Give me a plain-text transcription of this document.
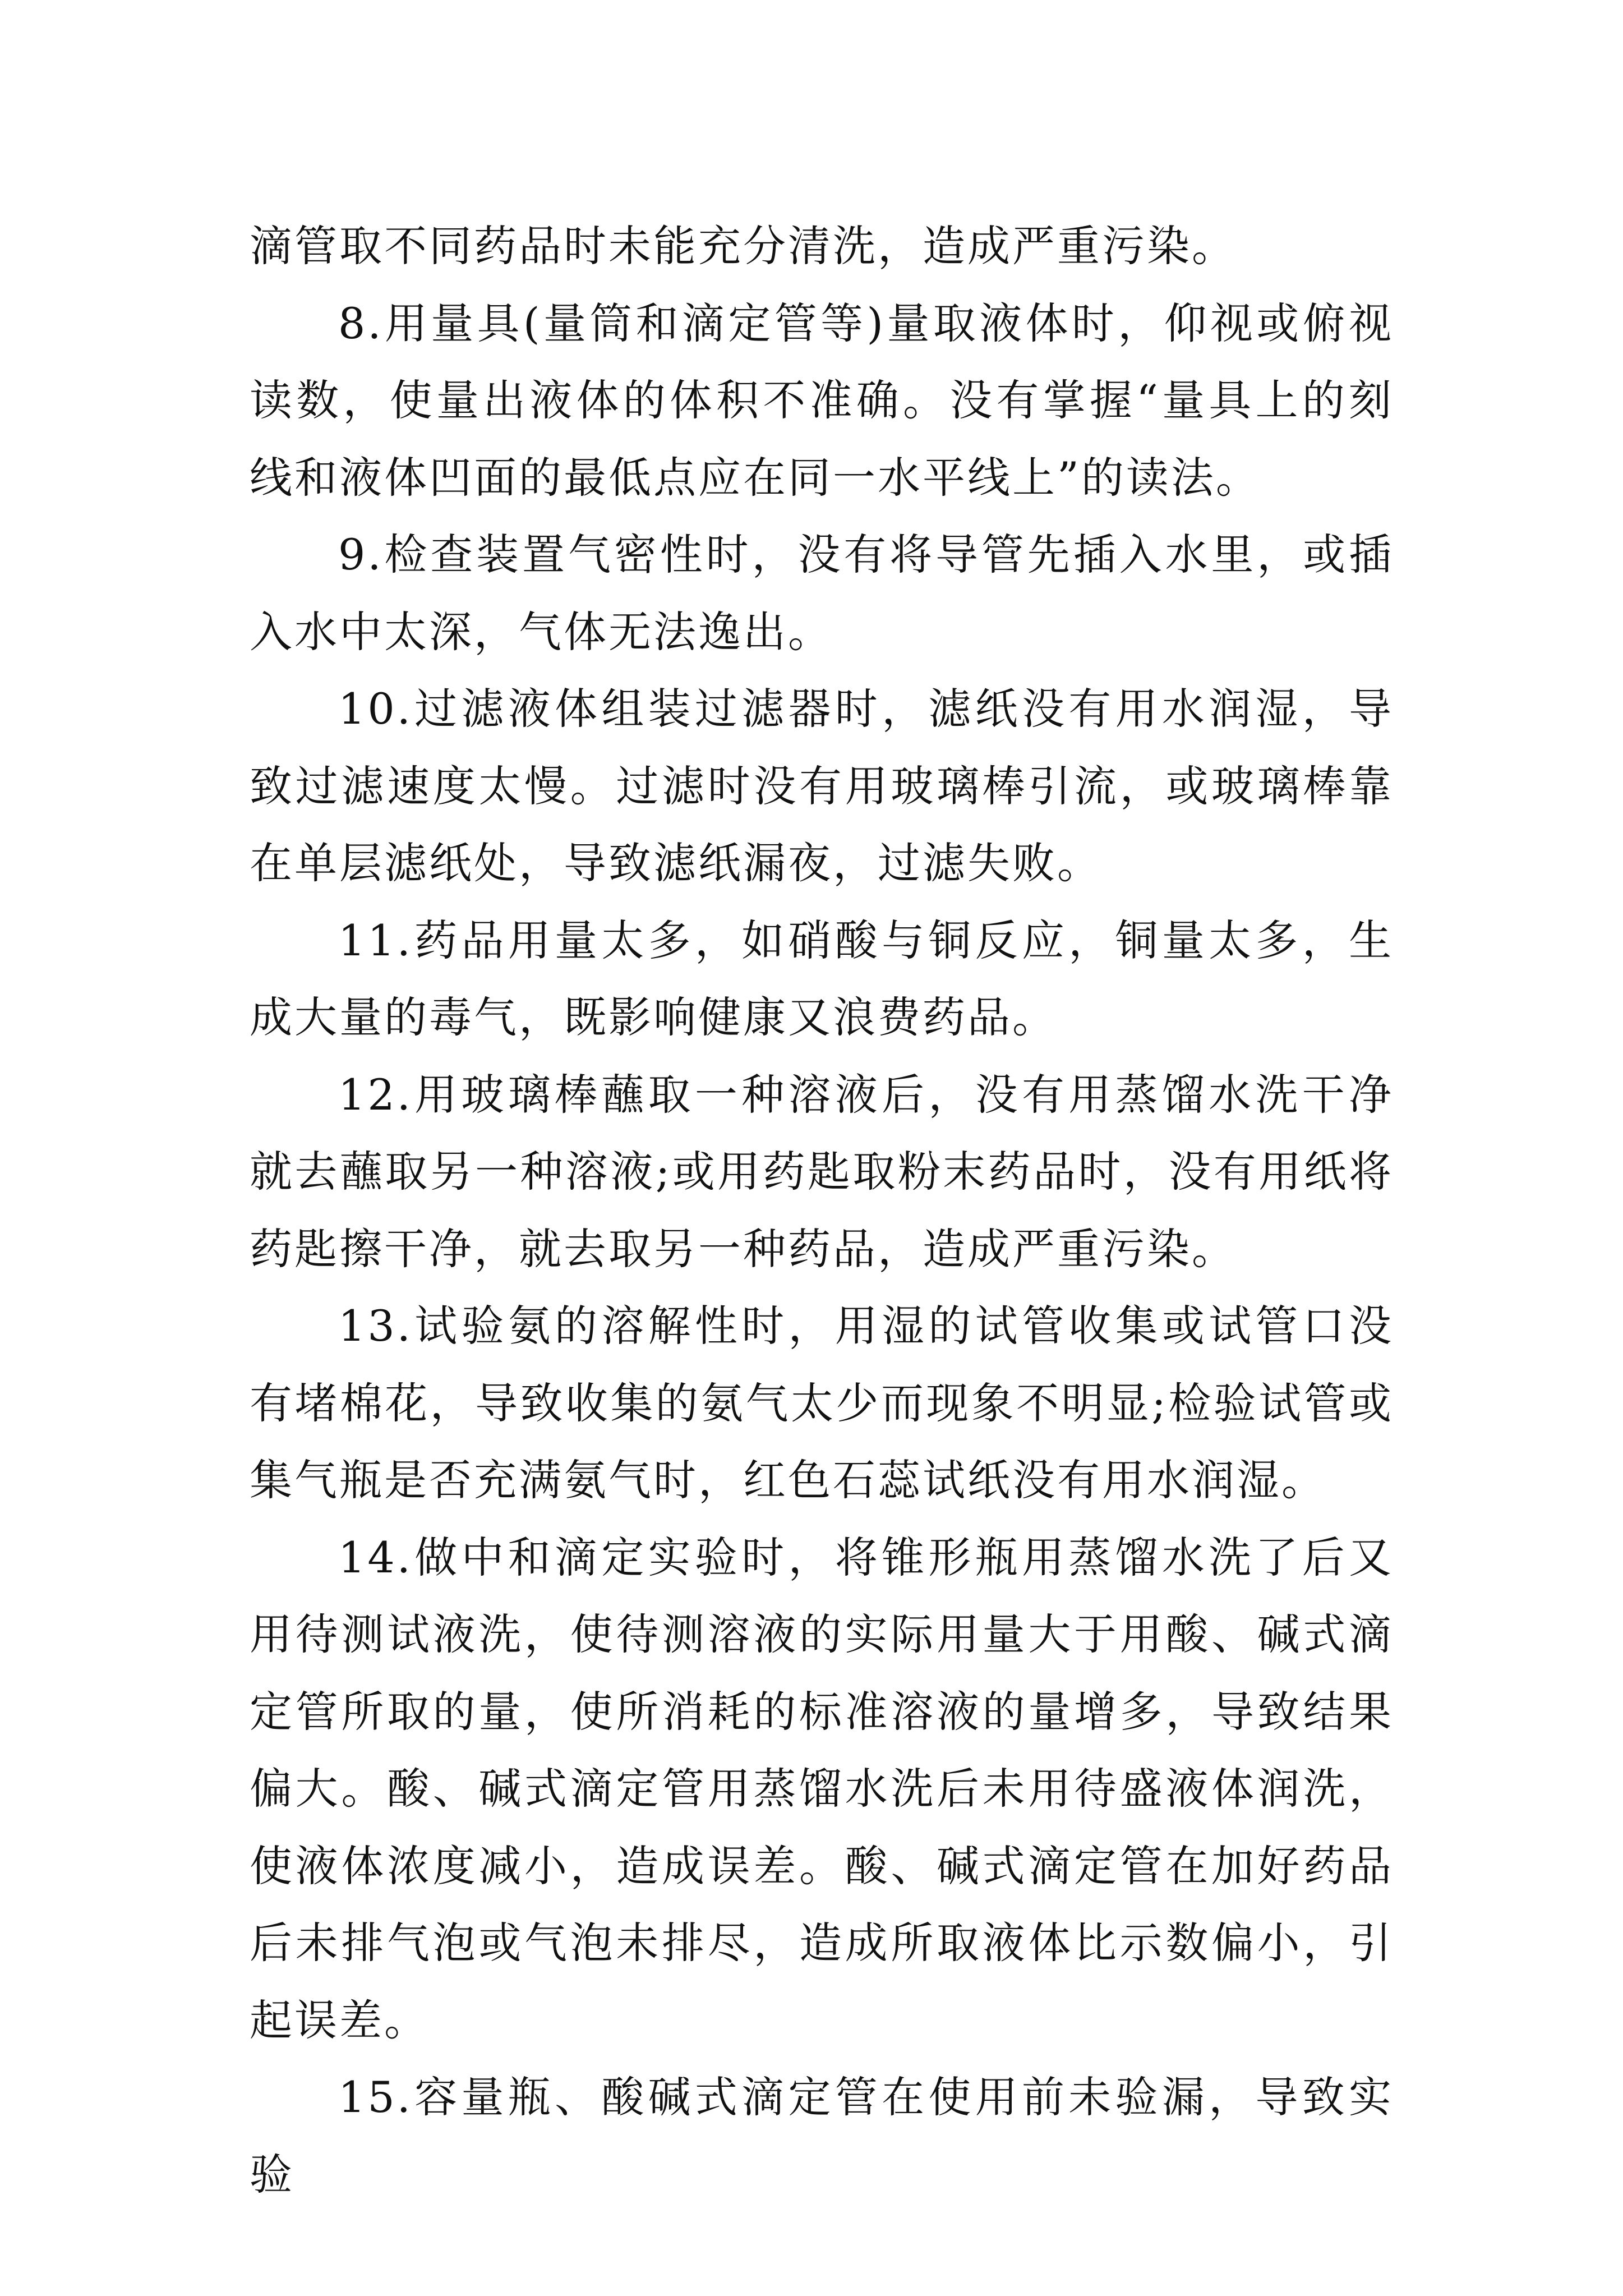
滴管取不同药品时未能充分清洗，造成严重污染。

8.用量具(量筒和滴定管等)量取液体时，仰视或俯视读数，使量出液体的体积不准确。没有掌握“量具上的刻线和液体凹面的最低点应在同一水平线上”的读法。

9.检查装置气密性时，没有将导管先插入水里，或插入水中太深，气体无法逸出。

10.过滤液体组装过滤器时，滤纸没有用水润湿，导致过滤速度太慢。过滤时没有用玻璃棒引流，或玻璃棒靠在单层滤纸处，导致滤纸漏夜，过滤失败。

11.药品用量太多，如硝酸与铜反应，铜量太多，生成大量的毒气，既影响健康又浪费药品。

12.用玻璃棒蘸取一种溶液后，没有用蒸馏水洗干净就去蘸取另一种溶液;或用药匙取粉末药品时，没有用纸将药匙擦干净，就去取另一种药品，造成严重污染。

13.试验氨的溶解性时，用湿的试管收集或试管口没有堵棉花，导致收集的氨气太少而现象不明显;检验试管或集气瓶是否充满氨气时，红色石蕊试纸没有用水润湿。

14.做中和滴定实验时，将锥形瓶用蒸馏水洗了后又用待测试液洗，使待测溶液的实际用量大于用酸、碱式滴定管所取的量，使所消耗的标准溶液的量增多，导致结果偏大。酸、碱式滴定管用蒸馏水洗后未用待盛液体润洗，使液体浓度减小，造成误差。酸、碱式滴定管在加好药品后未排气泡或气泡未排尽，造成所取液体比示数偏小，引起误差。

15.容量瓶、酸碱式滴定管在使用前未验漏，导致实验
